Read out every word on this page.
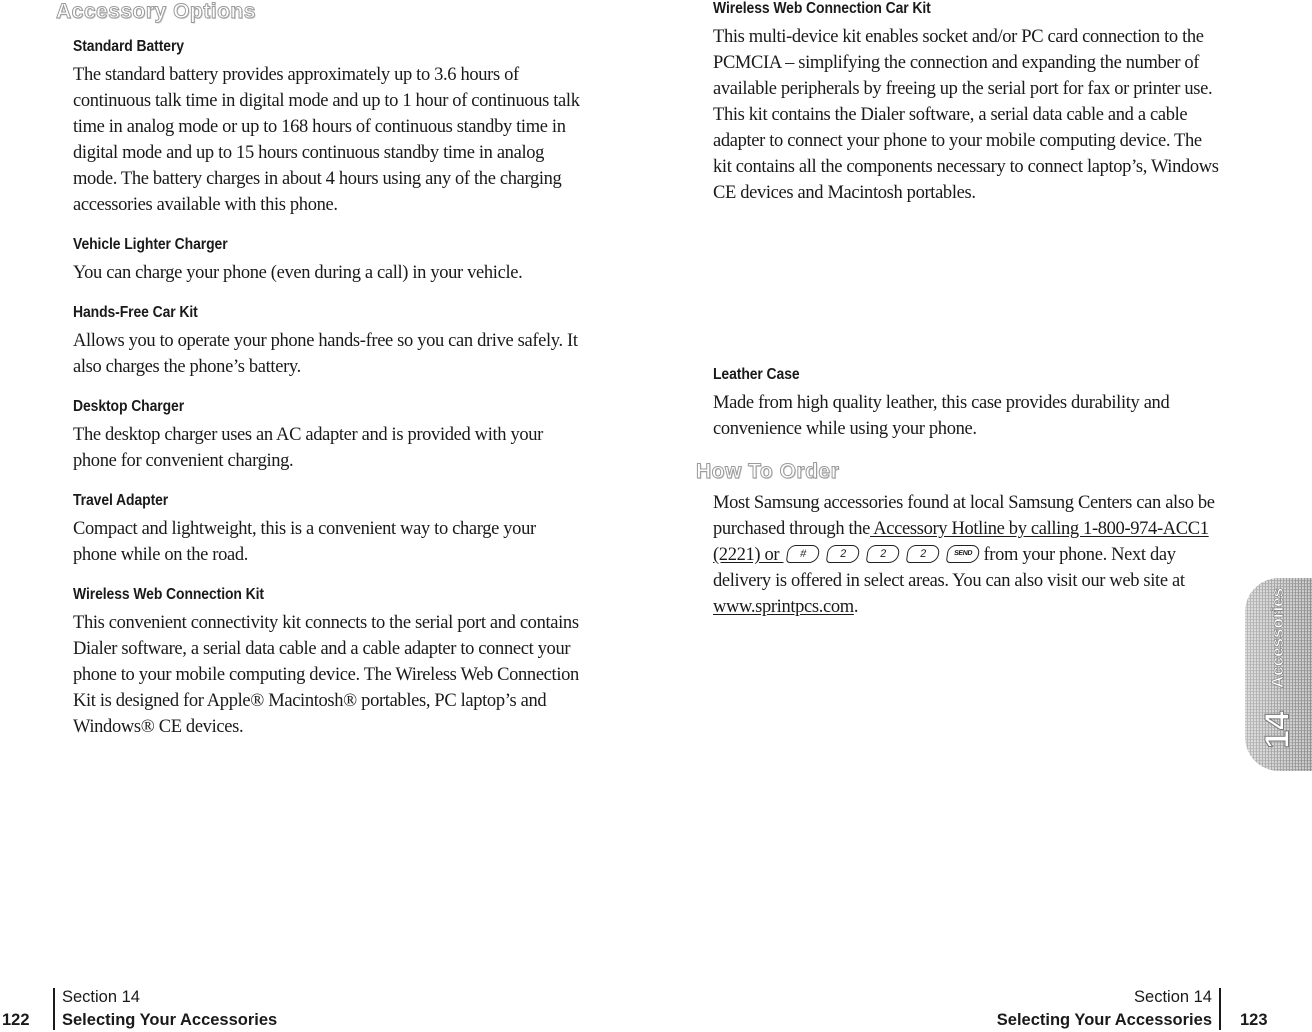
Accessory Options
Standard Battery

The standard battery provides approximately up to 3.6 hours of continuous talk time in digital mode and up to 1 hour of continuous talk time in analog mode or up to 168 hours of continuous standby time in digital mode and up to 15 hours continuous standby time in analog mode. The battery charges in about 4 hours using any of the charging accessories available with this phone.

Vehicle Lighter Charger

You can charge your phone (even during a call) in your vehicle.

Hands-Free Car Kit

Allows you to operate your phone hands-free so you can drive safely. It also charges the phone’s battery.

Desktop Charger

The desktop charger uses an AC adapter and is provided with your phone for convenient charging.

Travel Adapter

Compact and lightweight, this is a convenient way to charge your phone while on the road.

Wireless Web Connection Kit

This convenient connectivity kit connects to the serial port and contains Dialer software, a serial data cable and a cable adapter to connect your phone to your mobile computing device. The Wireless Web Connection Kit is designed for Apple® Macintosh® portables, PC laptop’s and Windows® CE devices.

Wireless Web Connection Car Kit

This multi-device kit enables socket and/or PC card connection to the PCMCIA – simplifying the connection and expanding the number of available peripherals by freeing up the serial port for fax or printer use. This kit contains the Dialer software, a serial data cable and a cable adapter to connect your phone to your mobile computing device. The kit contains all the components necessary to connect laptop’s, Windows CE devices and Macintosh portables.

Leather Case

Made from high quality leather, this case provides durability and convenience while using your phone.

How To Order

Most Samsung accessories found at local Samsung Centers can also be purchased through the Accessory Hotline by calling 1-800-974-ACC1 (2221) or #	2	2	2	SEND from your phone. Next day delivery is offered in select areas. You can also visit our web site at www.sprintpcs.com.	Accessories
14
122
Section 14
Selecting Your Accessories
Section 14
Selecting Your Accessories 123
